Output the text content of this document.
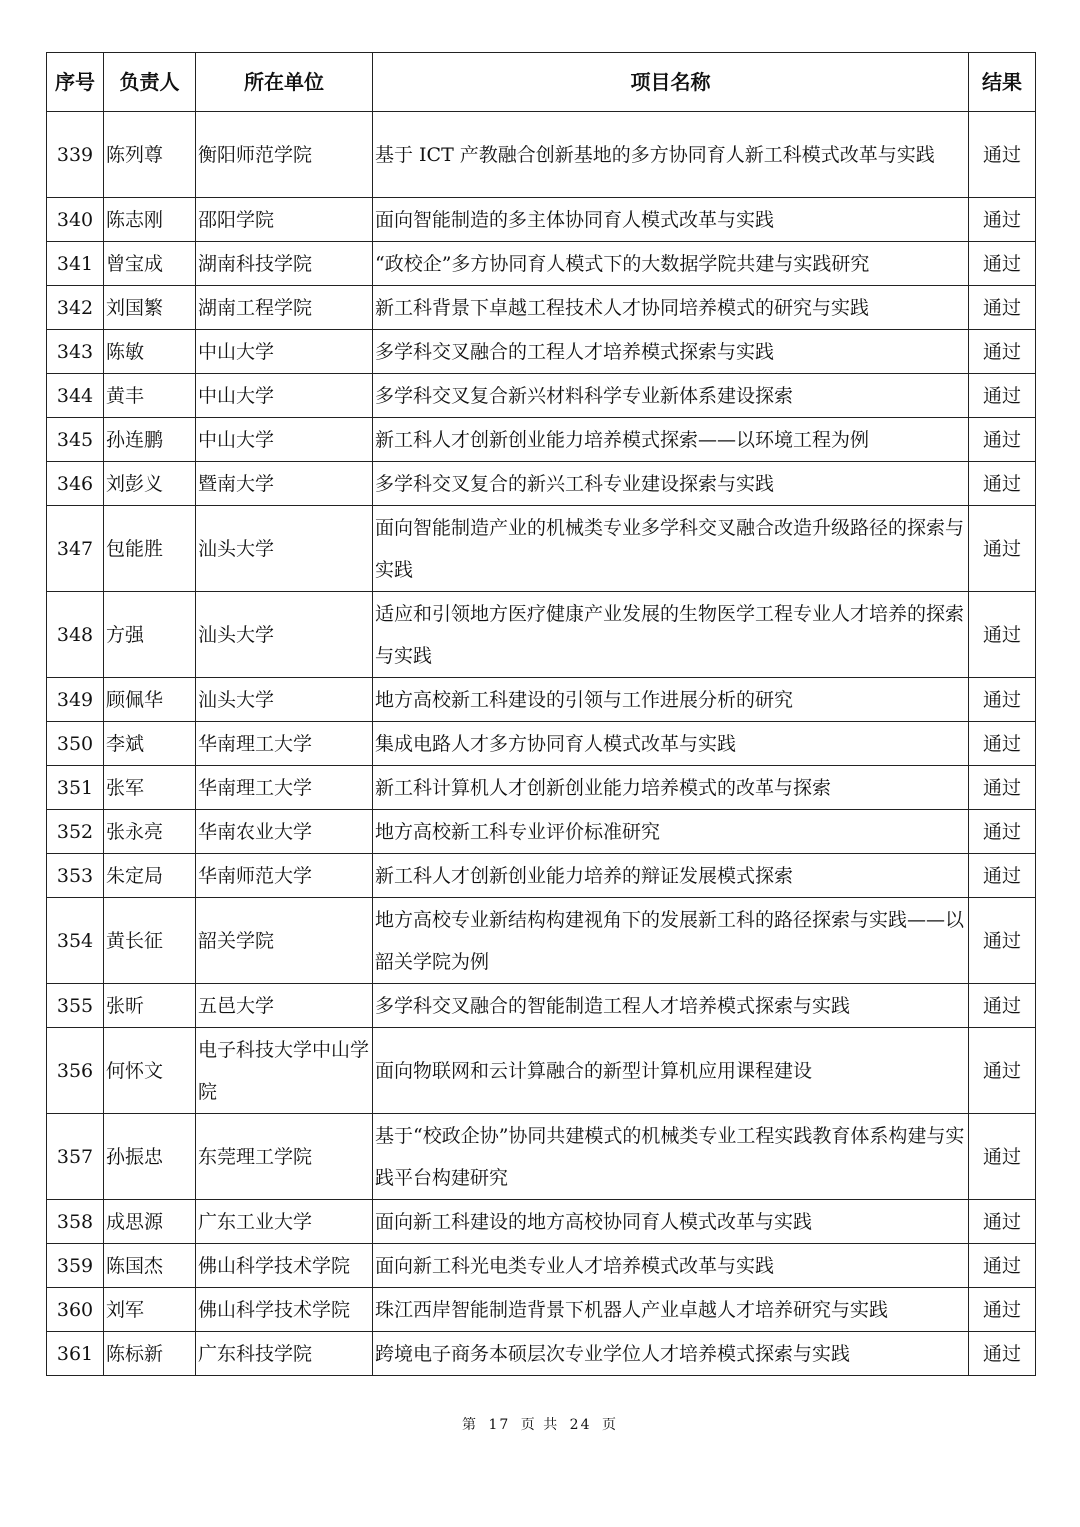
序号	负责人	所在单位	项目名称	结果
339	陈列尊	衡阳师范学院	基于 ICT 产教融合创新基地的多方协同育人新工科模式改革与实践	通过
340	陈志刚	邵阳学院	面向智能制造的多主体协同育人模式改革与实践	通过
341	曾宝成	湖南科技学院	“政校企”多方协同育人模式下的大数据学院共建与实践研究	通过
342	刘国繁	湖南工程学院	新工科背景下卓越工程技术人才协同培养模式的研究与实践	通过
343	陈敏	中山大学	多学科交叉融合的工程人才培养模式探索与实践	通过
344	黄丰	中山大学	多学科交叉复合新兴材料科学专业新体系建设探索	通过
345	孙连鹏	中山大学	新工科人才创新创业能力培养模式探索——以环境工程为例	通过
346	刘彭义	暨南大学	多学科交叉复合的新兴工科专业建设探索与实践	通过
347	包能胜	汕头大学	面向智能制造产业的机械类专业多学科交叉融合改造升级路径的探索与实践	通过
348	方强	汕头大学	适应和引领地方医疗健康产业发展的生物医学工程专业人才培养的探索与实践	通过
349	顾佩华	汕头大学	地方高校新工科建设的引领与工作进展分析的研究	通过
350	李斌	华南理工大学	集成电路人才多方协同育人模式改革与实践	通过
351	张军	华南理工大学	新工科计算机人才创新创业能力培养模式的改革与探索	通过
352	张永亮	华南农业大学	地方高校新工科专业评价标准研究	通过
353	朱定局	华南师范大学	新工科人才创新创业能力培养的辩证发展模式探索	通过
354	黄长征	韶关学院	地方高校专业新结构构建视角下的发展新工科的路径探索与实践——以韶关学院为例	通过
355	张昕	五邑大学	多学科交叉融合的智能制造工程人才培养模式探索与实践	通过
356	何怀文	电子科技大学中山学院	面向物联网和云计算融合的新型计算机应用课程建设	通过
357	孙振忠	东莞理工学院	基于“校政企协”协同共建模式的机械类专业工程实践教育体系构建与实践平台构建研究	通过
358	成思源	广东工业大学	面向新工科建设的地方高校协同育人模式改革与实践	通过
359	陈国杰	佛山科学技术学院	面向新工科光电类专业人才培养模式改革与实践	通过
360	刘军	佛山科学技术学院	珠江西岸智能制造背景下机器人产业卓越人才培养研究与实践	通过
361	陈标新	广东科技学院	跨境电子商务本硕层次专业学位人才培养模式探索与实践	通过
第 17 页 共 24 页
